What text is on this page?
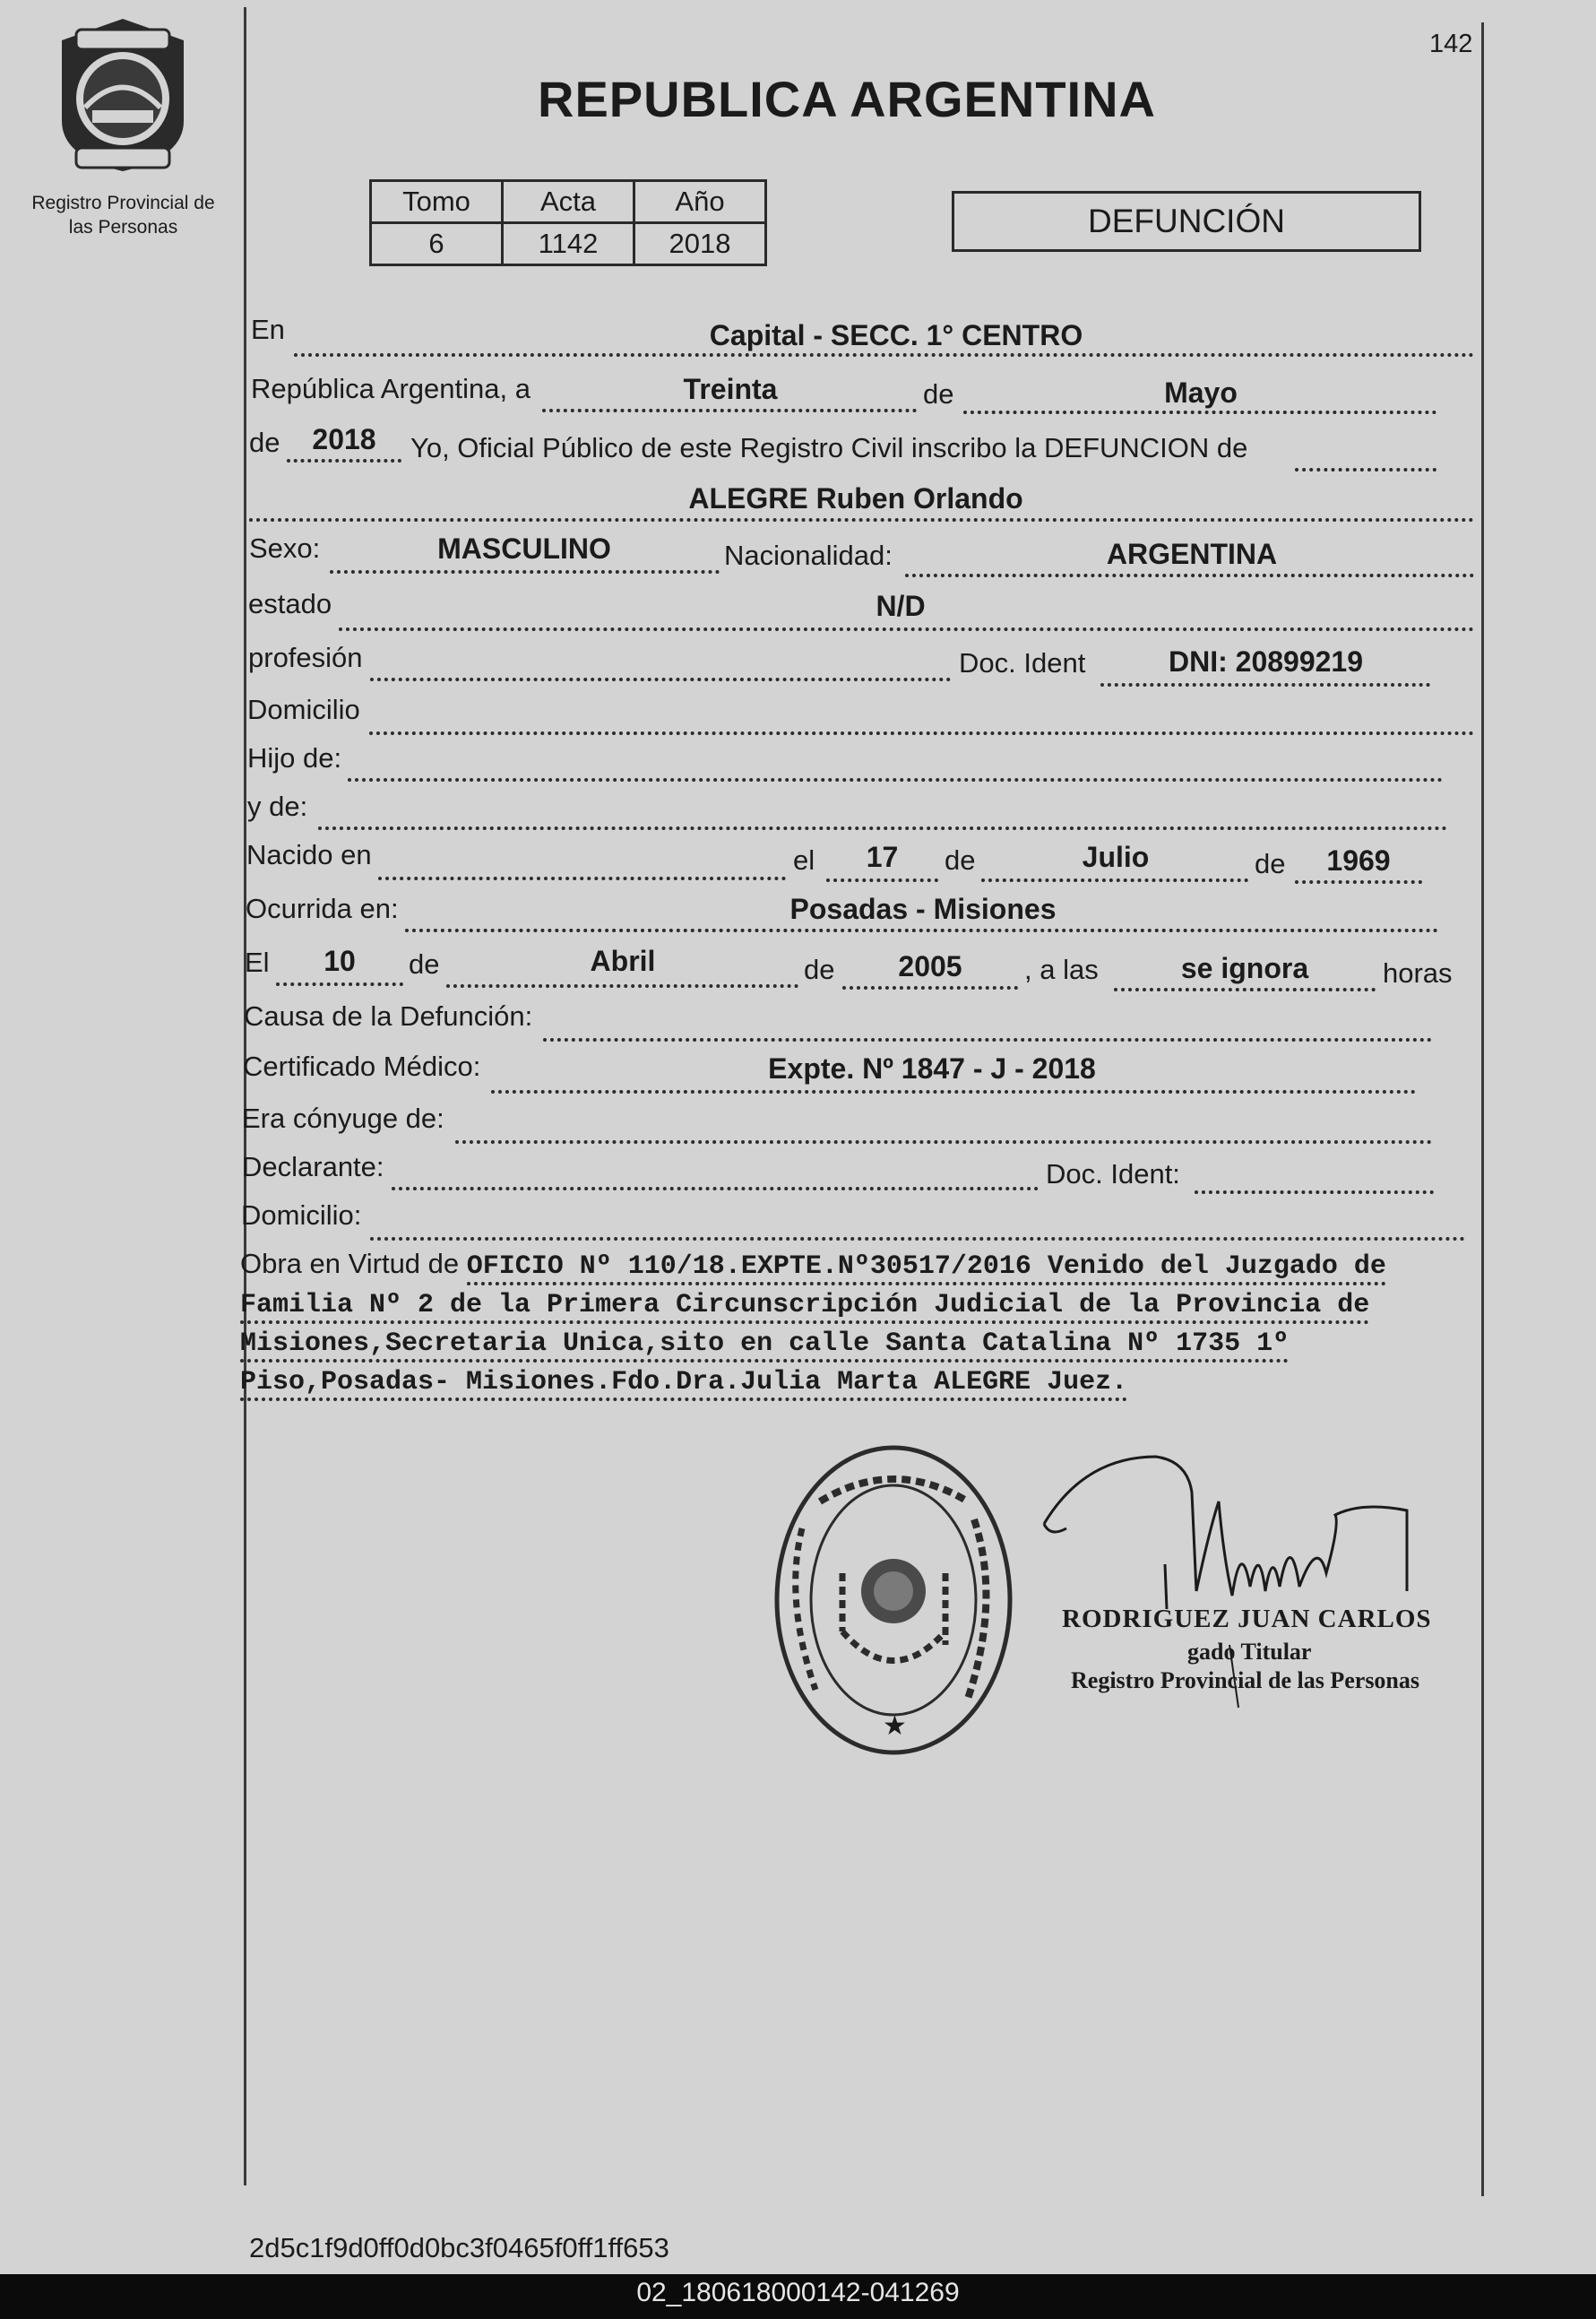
Registro Provincial de
las Personas
142
REPUBLICA ARGENTINA
Tomo	Acta	Año
6	1142	2018
DEFUNCIÓN
En	Capital - SECC. 1° CENTRO
República Argentina, a	Treinta	de	Mayo
de	2018	Yo, Oficial Público de este Registro Civil inscribo la DEFUNCION de
ALEGRE Ruben Orlando
Sexo:	MASCULINO	Nacionalidad:	ARGENTINA
estado	N/D
profesión	Doc. Ident	DNI: 20899219
Domicilio
Hijo de:
y de:
Nacido en	el	17	de	Julio	de	1969
Ocurrida en:	Posadas - Misiones
El	10	de	Abril	de	2005	, a las	se ignora	horas
Causa de la Defunción:
Certificado Médico:	Expte. Nº 1847 - J - 2018
Era cónyuge de:
Declarante:	Doc. Ident:
Domicilio:
Obra en Virtud de OFICIO Nº 110/18.EXPTE.Nº30517/2016 Venido del Juzgado de Familia Nº 2 de la Primera Circunscripción Judicial de la Provincia de Misiones,Secretaria Unica,sito en calle Santa Catalina Nº 1735 1º Piso,Posadas- Misiones.Fdo.Dra.Julia Marta ALEGRE Juez.
★
RODRIGUEZ JUAN CARLOS
gado Titular
Registro Provincial de las Personas
2d5c1f9d0ff0d0bc3f0465f0ff1ff653
02_180618000142-041269
